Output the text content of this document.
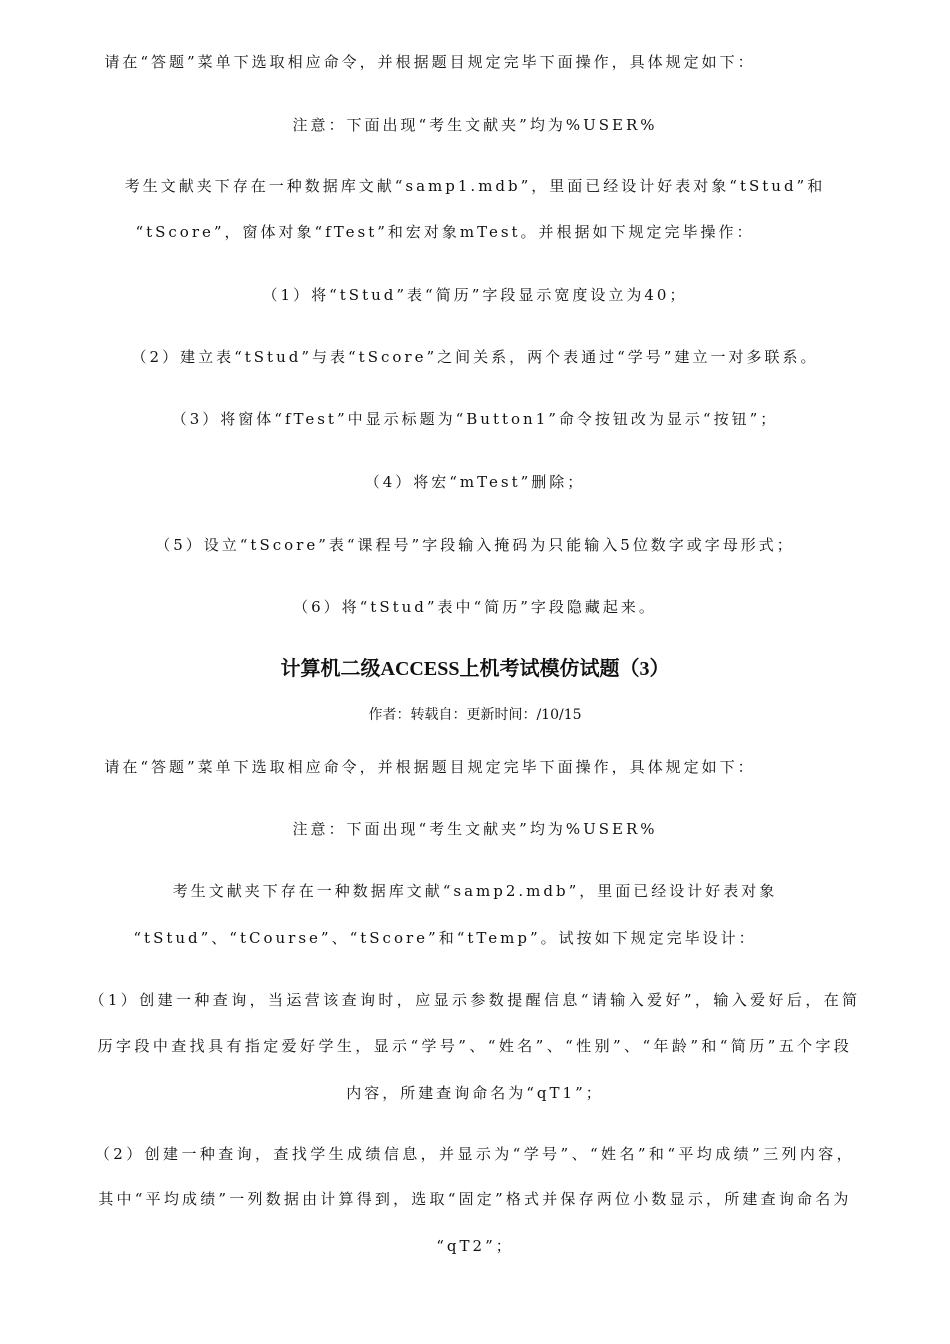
请在“答题”菜单下选取相应命令，并根据题目规定完毕下面操作，具体规定如下：
注意：下面出现“考生文献夹”均为%USER%
考生文献夹下存在一种数据库文献“samp1.mdb”，里面已经设计好表对象“tStud”和
“tScore”，窗体对象“fTest”和宏对象mTest。并根据如下规定完毕操作：
（1）将“tStud”表“简历”字段显示宽度设立为40；
（2）建立表“tStud”与表“tScore”之间关系，两个表通过“学号”建立一对多联系。
（3）将窗体“fTest”中显示标题为“Button1”命令按钮改为显示“按钮”；
（4）将宏“mTest”删除；
（5）设立“tScore”表“课程号”字段输入掩码为只能输入5位数字或字母形式；
（6）将“tStud”表中“简历”字段隐藏起来。
计算机二级ACCESS上机考试模仿试题（3）
作者：转载自：更新时间：/10/15
请在“答题”菜单下选取相应命令，并根据题目规定完毕下面操作，具体规定如下：
注意：下面出现“考生文献夹”均为%USER%
考生文献夹下存在一种数据库文献“samp2.mdb”，里面已经设计好表对象
“tStud”、“tCourse”、“tScore”和“tTemp”。试按如下规定完毕设计：
（1）创建一种查询，当运营该查询时，应显示参数提醒信息“请输入爱好”，输入爱好后，在简
历字段中查找具有指定爱好学生，显示“学号”、“姓名”、“性别”、“年龄”和“简历”五个字段
内容，所建查询命名为“qT1”；
（2）创建一种查询，查找学生成绩信息，并显示为“学号”、“姓名”和“平均成绩”三列内容，
其中“平均成绩”一列数据由计算得到，选取“固定”格式并保存两位小数显示，所建查询命名为
“qT2”；
